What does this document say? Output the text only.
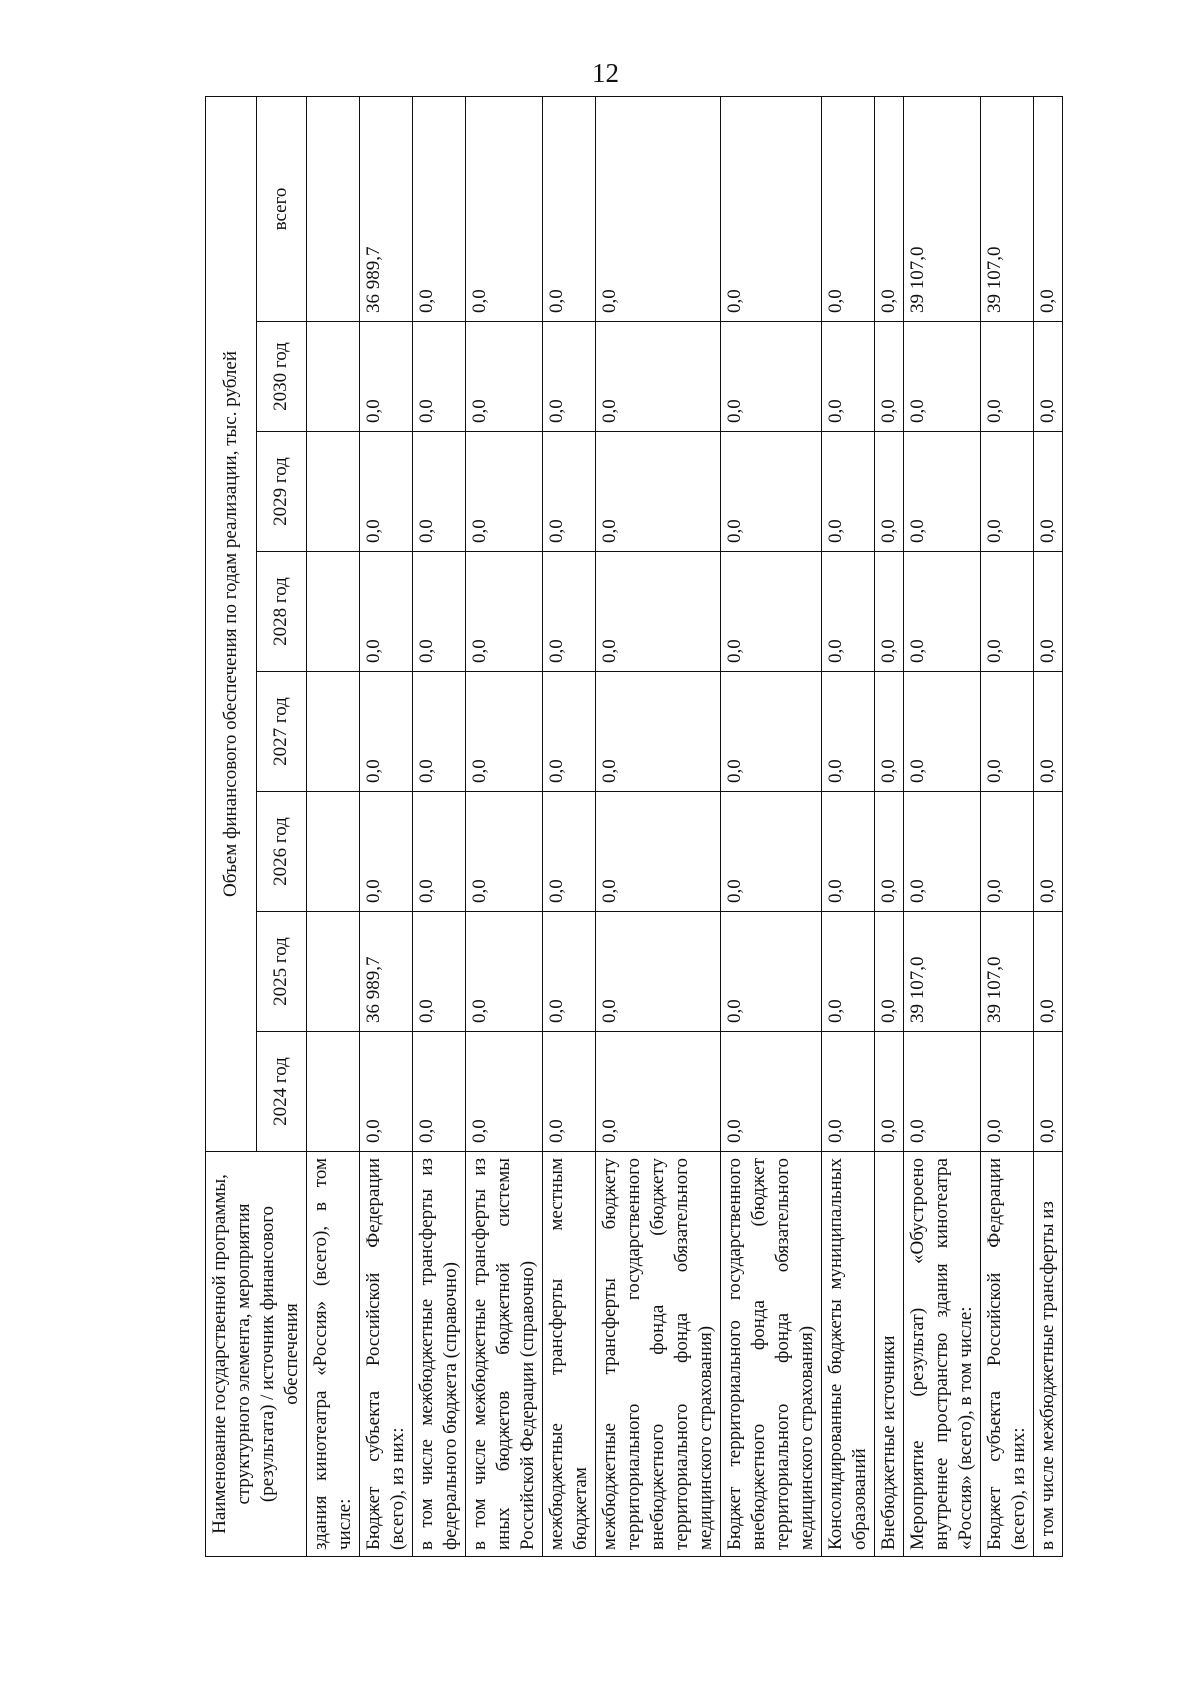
12
Наименование государственной программы, структурного элемента, мероприятия (результата) / источник финансового обеспечения	Объем финансового обеспечения по годам реализации, тыс. рублей							
	2024 год	2025 год	2026 год	2027 год	2028 год	2029 год	2030 год	всего
здания кинотеатра «Россия» (всего), в том числе:								
Бюджет субъекта Российской Федерации (всего), из них:	0,0	36 989,7	0,0	0,0	0,0	0,0	0,0	36 989,7
в том числе межбюджетные трансферты из федерального бюджета (справочно)	0,0	0,0	0,0	0,0	0,0	0,0	0,0	0,0
в том числе межбюджетные трансферты из иных бюджетов бюджетной системы Российской Федерации (справочно)	0,0	0,0	0,0	0,0	0,0	0,0	0,0	0,0
межбюджетные трансферты местным бюджетам	0,0	0,0	0,0	0,0	0,0	0,0	0,0	0,0
межбюджетные трансферты бюджету территориального государственного внебюджетного фонда (бюджету территориального фонда обязательного медицинского страхования)	0,0	0,0	0,0	0,0	0,0	0,0	0,0	0,0
Бюджет территориального государственного внебюджетного фонда (бюджет территориального фонда обязательного медицинского страхования)	0,0	0,0	0,0	0,0	0,0	0,0	0,0	0,0
Консолидированные бюджеты муниципальных образований	0,0	0,0	0,0	0,0	0,0	0,0	0,0	0,0
Внебюджетные источники	0,0	0,0	0,0	0,0	0,0	0,0	0,0	0,0
Мероприятие (результат) «Обустроено внутреннее пространство здания кинотеатра «Россия» (всего), в том числе:	0,0	39 107,0	0,0	0,0	0,0	0,0	0,0	39 107,0
Бюджет субъекта Российской Федерации (всего), из них:	0,0	39 107,0	0,0	0,0	0,0	0,0	0,0	39 107,0
в том числе межбюджетные трансферты из	0,0	0,0	0,0	0,0	0,0	0,0	0,0	0,0
